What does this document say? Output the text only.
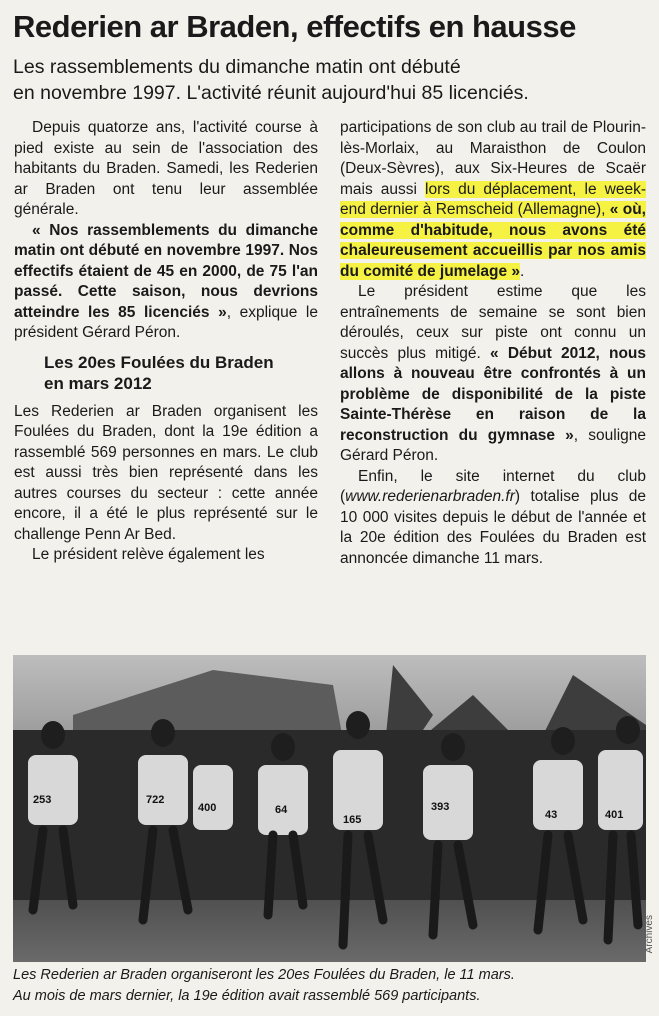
Rederien ar Braden, effectifs en hausse
Les rassemblements du dimanche matin ont débuté
en novembre 1997. L'activité réunit aujourd'hui 85 licenciés.

Depuis quatorze ans, l'activité course à pied existe au sein de l'association des habitants du Braden. Samedi, les Rederien ar Braden ont tenu leur assemblée générale.

« Nos rassemblements du dimanche matin ont débuté en novembre 1997. Nos effectifs étaient de 45 en 2000, de 75 l'an passé. Cette saison, nous devrions atteindre les 85 licenciés », explique le président Gérard Péron.

Les 20es Foulées du Braden
en mars 2012

Les Rederien ar Braden organisent les Foulées du Braden, dont la 19e édition a rassemblé 569 personnes en mars. Le club est aussi très bien représenté dans les autres courses du secteur : cette année encore, il a été le plus représenté sur le challenge Penn Ar Bed.

Le président relève également les

participations de son club au trail de Plourin-lès-Morlaix, au Maraisthon de Coulon (Deux-Sèvres), aux Six-Heures de Scaër mais aussi lors du déplacement, le week-end dernier à Remscheid (Allemagne), « où, comme d'habitude, nous avons été chaleureusement accueillis par nos amis du comité de jumelage ».

Le président estime que les entraînements de semaine se sont bien déroulés, ceux sur piste ont connu un succès plus mitigé. « Début 2012, nous allons à nouveau être confrontés à un problème de disponibilité de la piste Sainte-Thérèse en raison de la reconstruction du gymnase », souligne Gérard Péron.

Enfin, le site internet du club (www.rederienarbraden.fr) totalise plus de 10 000 visites depuis le début de l'année et la 20e édition des Foulées du Braden est annoncée dimanche 11 mars.

253	722
400	64
165
393
43	401
Archives
Les Rederien ar Braden organiseront les 20es Foulées du Braden, le 11 mars.
Au mois de mars dernier, la 19e édition avait rassemblé 569 participants.
